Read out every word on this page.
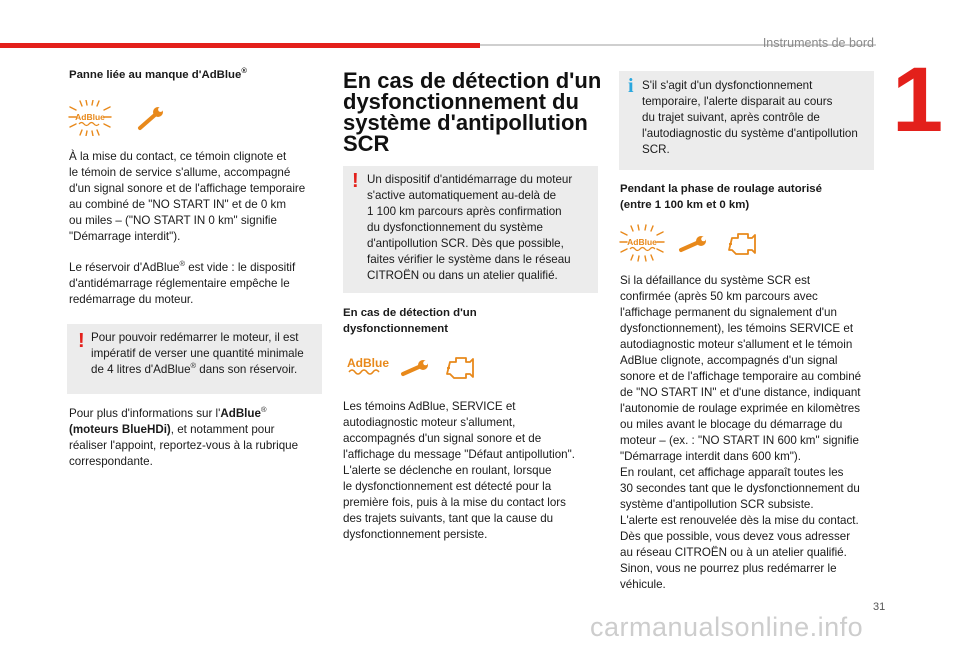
Instruments de bord
1

Panne liée au manque d'AdBlue®

AdBlue

À la mise du contact, ce témoin clignote et

le témoin de service s'allume, accompagné

d'un signal sonore et de l'affichage temporaire

au combiné de "NO START IN" et de 0 km

ou miles – ("NO START IN 0 km" signifie

"Démarrage interdit").

Le réservoir d'AdBlue® est vide : le dispositif

d'antidémarrage réglementaire empêche le

redémarrage du moteur.

! Pour pouvoir redémarrer le moteur, il est

impératif de verser une quantité minimale

de 4 litres d'AdBlue® dans son réservoir.

Pour plus d'informations sur l'AdBlue®

(moteurs BlueHDi), et notamment pour

réaliser l'appoint, reportez-vous à la rubrique

correspondante.

En cas de détection d'un

dysfonctionnement du

système d'antipollution

SCR

! Un dispositif d'antidémarrage du moteur

s'active automatiquement au-delà de

1 100 km parcours après confirmation

du dysfonctionnement du système

d'antipollution SCR. Dès que possible,

faites vérifier le système dans le réseau

CITROËN ou dans un atelier qualifié.

En cas de détection d'un

dysfonctionnement

AdBlue

Les témoins AdBlue, SERVICE et

autodiagnostic moteur s'allument,

accompagnés d'un signal sonore et de

l'affichage du message "Défaut antipollution".

L'alerte se déclenche en roulant, lorsque

le dysfonctionnement est détecté pour la

première fois, puis à la mise du contact lors

des trajets suivants, tant que la cause du

dysfonctionnement persiste.

i S'il s'agit d'un dysfonctionnement

temporaire, l'alerte disparait au cours

du trajet suivant, après contrôle de

l'autodiagnostic du système d'antipollution

SCR.

Pendant la phase de roulage autorisé

(entre 1 100 km et 0 km)

AdBlue

Si la défaillance du système SCR est

confirmée (après 50 km parcours avec

l'affichage permanent du signalement d'un

dysfonctionnement), les témoins SERVICE et

autodiagnostic moteur s'allument et le témoin

AdBlue clignote, accompagnés d'un signal

sonore et de l'affichage temporaire au combiné

de "NO START IN" et d'une distance, indiquant

l'autonomie de roulage exprimée en kilomètres

ou miles avant le blocage du démarrage du

moteur – (ex. : "NO START IN 600 km" signifie

"Démarrage interdit dans 600 km").

En roulant, cet affichage apparaît toutes les

30 secondes tant que le dysfonctionnement du

système d'antipollution SCR subsiste.

L'alerte est renouvelée dès la mise du contact.

Dès que possible, vous devez vous adresser

au réseau CITROËN ou à un atelier qualifié.

Sinon, vous ne pourrez plus redémarrer le

véhicule.

31
carmanualsonline.info
